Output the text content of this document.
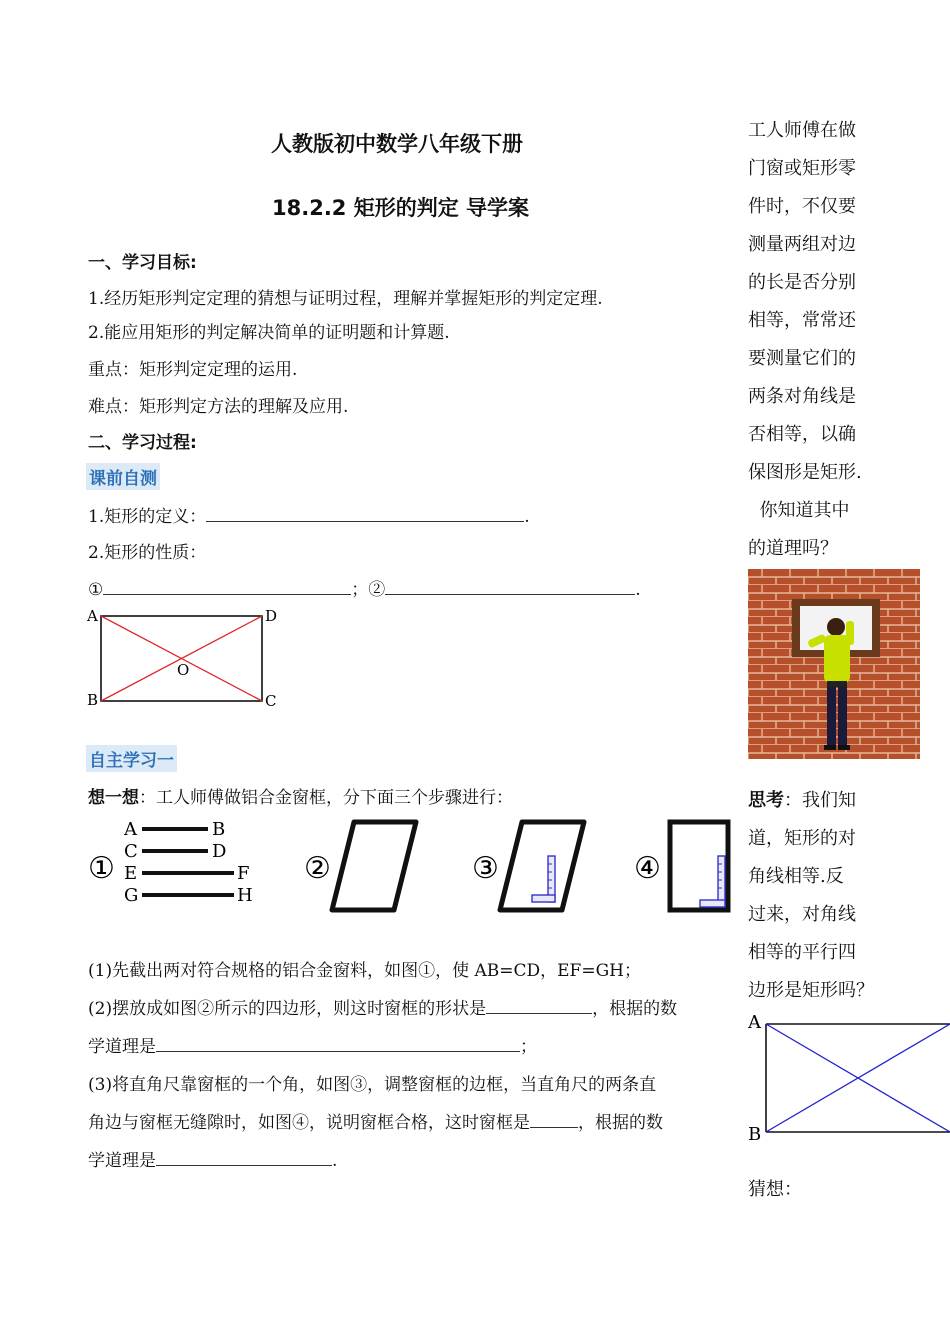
人教版初中数学八年级下册
18.2.2 矩形的判定 导学案
一、学习目标:
1.经历矩形判定定理的猜想与证明过程，理解并掌握矩形的判定定理.
2.能应用矩形的判定解决简单的证明题和计算题.
重点：矩形判定定理的运用.
难点：矩形判定方法的理解及应用.
二、学习过程:
课前自测
1.矩形的定义：	.
2.矩形的性质：
①	；②	.
A	D
B	C
O
自主学习一
想一想：工人师傅做铝合金窗框，分下面三个步骤进行：
①
A
C
E
G
B
D
F
H
②	③	④
(1)先截出两对符合规格的铝合金窗料，如图①，使 AB=CD，EF=GH；
(2)摆放成如图②所示的四边形，则这时窗框的形状是	，根据的数
学道理是	；
(3)将直角尺靠窗框的一个角，如图③，调整窗框的边框，当直角尺的两条直
角边与窗框无缝隙时，如图④，说明窗框合格，这时窗框是	，根据的数
学道理是	.
工人师傅在做
门窗或矩形零
件时，不仅要
测量两组对边
的长是否分别
相等，常常还
要测量它们的
两条对角线是
否相等，以确
保图形是矩形.
你知道其中
的道理吗？
思考：我们知
道，矩形的对
角线相等.反
过来，对角线
相等的平行四
边形是矩形吗？
A
B
猜想：
